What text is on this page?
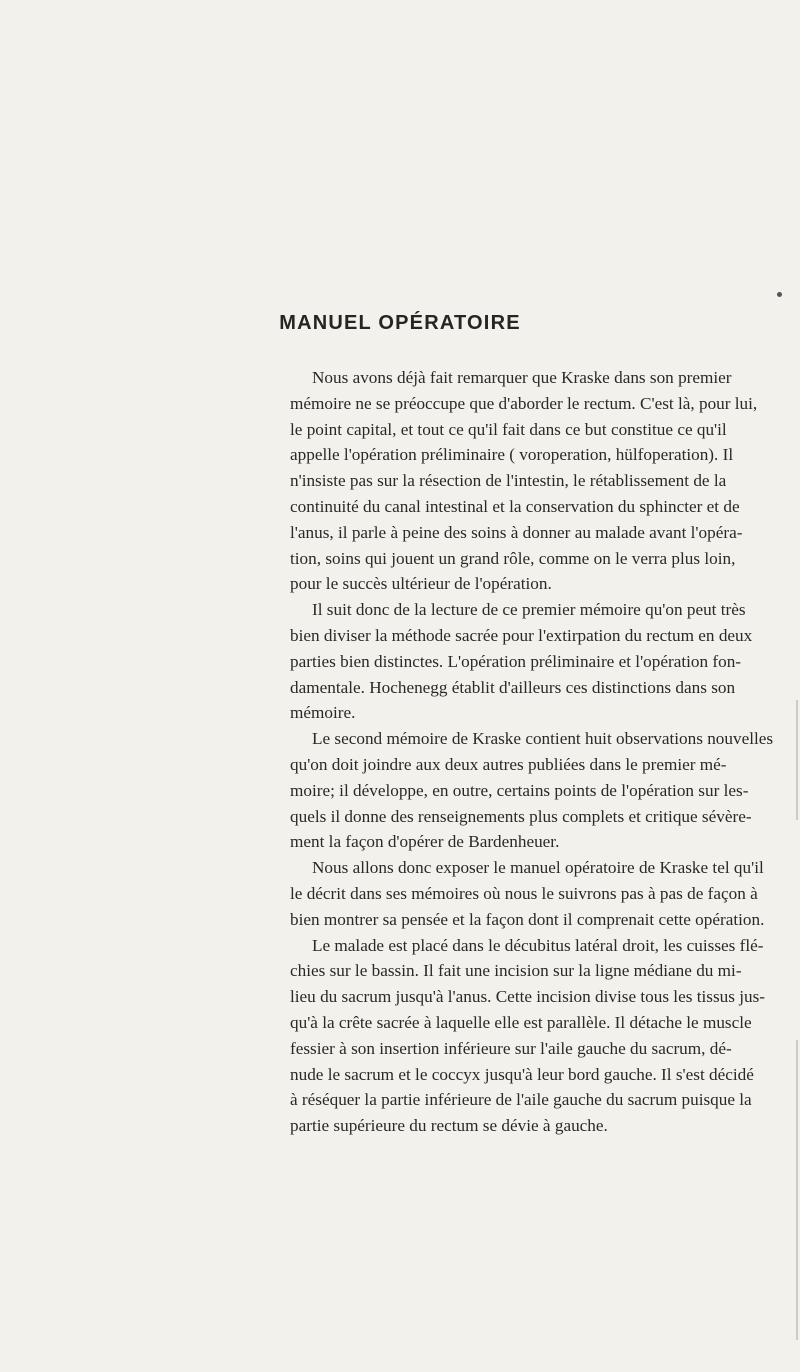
MANUEL OPÉRATOIRE
Nous avons déjà fait remarquer que Kraske dans son premier
mémoire ne se préoccupe que d'aborder le rectum. C'est là, pour lui,
le point capital, et tout ce qu'il fait dans ce but constitue ce qu'il
appelle l'opération préliminaire ( voroperation, hülfoperation). Il
n'insiste pas sur la résection de l'intestin, le rétablissement de la
continuité du canal intestinal et la conservation du sphincter et de
l'anus, il parle à peine des soins à donner au malade avant l'opéra-
tion, soins qui jouent un grand rôle, comme on le verra plus loin,
pour le succès ultérieur de l'opération.
Il suit donc de la lecture de ce premier mémoire qu'on peut très
bien diviser la méthode sacrée pour l'extirpation du rectum en deux
parties bien distinctes. L'opération préliminaire et l'opération fon-
damentale. Hochenegg établit d'ailleurs ces distinctions dans son
mémoire.
Le second mémoire de Kraske contient huit observations nouvelles
qu'on doit joindre aux deux autres publiées dans le premier mé-
moire; il développe, en outre, certains points de l'opération sur les-
quels il donne des renseignements plus complets et critique sévère-
ment la façon d'opérer de Bardenheuer.
Nous allons donc exposer le manuel opératoire de Kraske tel qu'il
le décrit dans ses mémoires où nous le suivrons pas à pas de façon à
bien montrer sa pensée et la façon dont il comprenait cette opération.
Le malade est placé dans le décubitus latéral droit, les cuisses flé-
chies sur le bassin. Il fait une incision sur la ligne médiane du mi-
lieu du sacrum jusqu'à l'anus. Cette incision divise tous les tissus jus-
qu'à la crête sacrée à laquelle elle est parallèle. Il détache le muscle
fessier à son insertion inférieure sur l'aile gauche du sacrum, dé-
nude le sacrum et le coccyx jusqu'à leur bord gauche. Il s'est décidé
à réséquer la partie inférieure de l'aile gauche du sacrum puisque la
partie supérieure du rectum se dévie à gauche.
